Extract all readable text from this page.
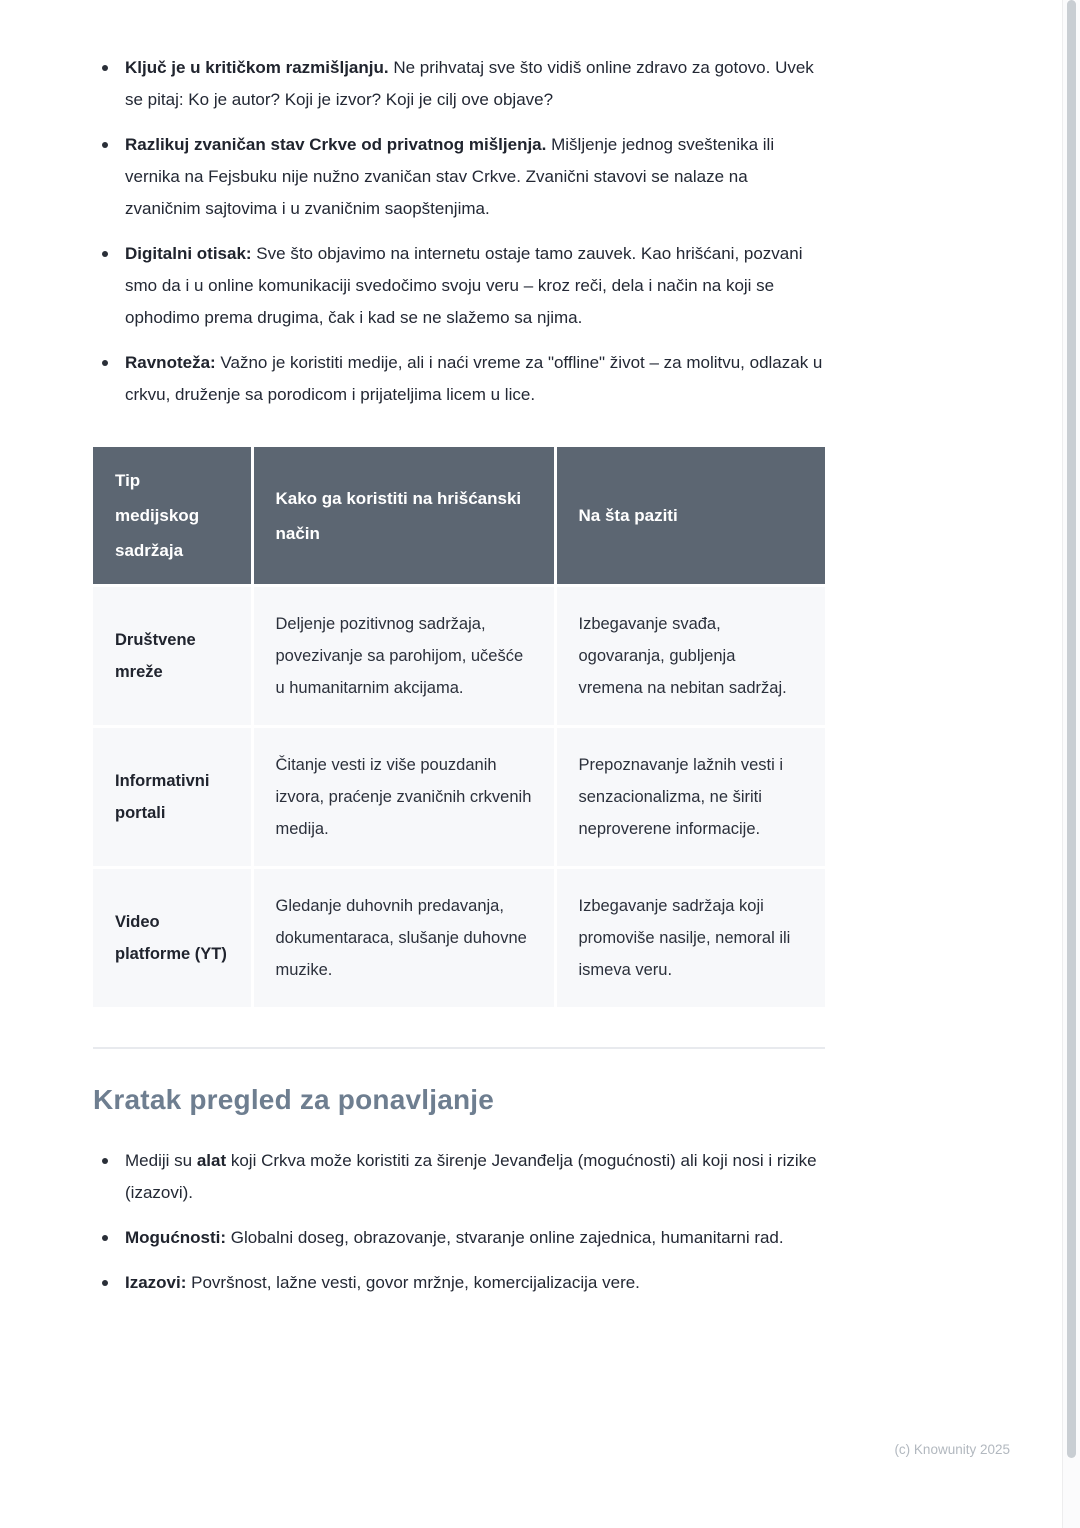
Ključ je u kritičkom razmišljanju. Ne prihvataj sve što vidiš online zdravo za gotovo. Uvek se pitaj: Ko je autor? Koji je izvor? Koji je cilj ove objave?

Razlikuj zvaničan stav Crkve od privatnog mišljenja. Mišljenje jednog sveštenika ili vernika na Fejsbuku nije nužno zvaničan stav Crkve. Zvanični stavovi se nalaze na zvaničnim sajtovima i u zvaničnim saopštenjima.

Digitalni otisak: Sve što objavimo na internetu ostaje tamo zauvek. Kao hrišćani, pozvani smo da i u online komunikaciji svedočimo svoju veru – kroz reči, dela i način na koji se ophodimo prema drugima, čak i kad se ne slažemo sa njima.

Ravnoteža: Važno je koristiti medije, ali i naći vreme za "offline" život – za molitvu, odlazak u crkvu, druženje sa porodicom i prijateljima licem u lice.

Tip medijskog sadržaja	Kako ga koristiti na hrišćanski način	Na šta paziti
Društvene mreže	Deljenje pozitivnog sadržaja, povezivanje sa parohijom, učešće u humanitarnim akcijama.	Izbegavanje svađa, ogovaranja, gubljenja vremena na nebitan sadržaj.
Informativni portali	Čitanje vesti iz više pouzdanih izvora, praćenje zvaničnih crkvenih medija.	Prepoznavanje lažnih vesti i senzacionalizma, ne širiti neproverene informacije.
Video platforme (YT)	Gledanje duhovnih predavanja, dokumentaraca, slušanje duhovne muzike.	Izbegavanje sadržaja koji promoviše nasilje, nemoral ili ismeva veru.
Kratak pregled za ponavljanje

Mediji su alat koji Crkva može koristiti za širenje Jevanđelja (mogućnosti) ali koji nosi i rizike (izazovi).

Mogućnosti: Globalni doseg, obrazovanje, stvaranje online zajednica, humanitarni rad.

Izazovi: Površnost, lažne vesti, govor mržnje, komercijalizacija vere.

(c) Knowunity 2025
